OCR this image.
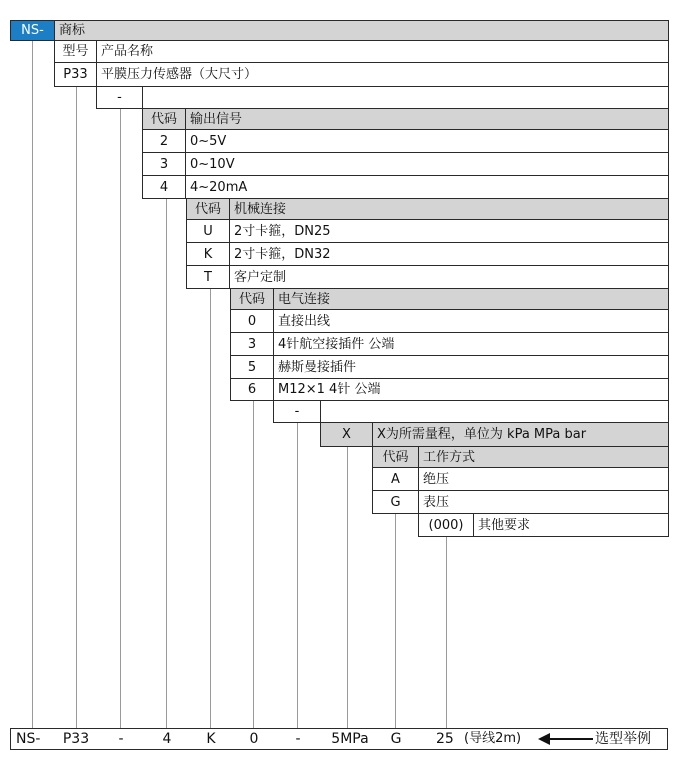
NS-	商标
型号 产品名称
P33	平膜压力传感器（大尺寸）
-
代码	输出信号
2	0~5V
3	0~10V
4	4~20mA
代码	机械连接
U	2寸卡箍，DN25
K	2寸卡箍，DN32
T	客户定制
代码	电气连接
0	直接出线
3	4针航空接插件 公端
5	赫斯曼接插件
6	M12×1 4针 公端
-
X	X为所需量程，单位为 kPa MPa bar
代码	工作方式
A	绝压
G	表压
(000)	其他要求
NS- P33 -	4 K 0	- 5MPa G 25 (导线2m)	选型举例
